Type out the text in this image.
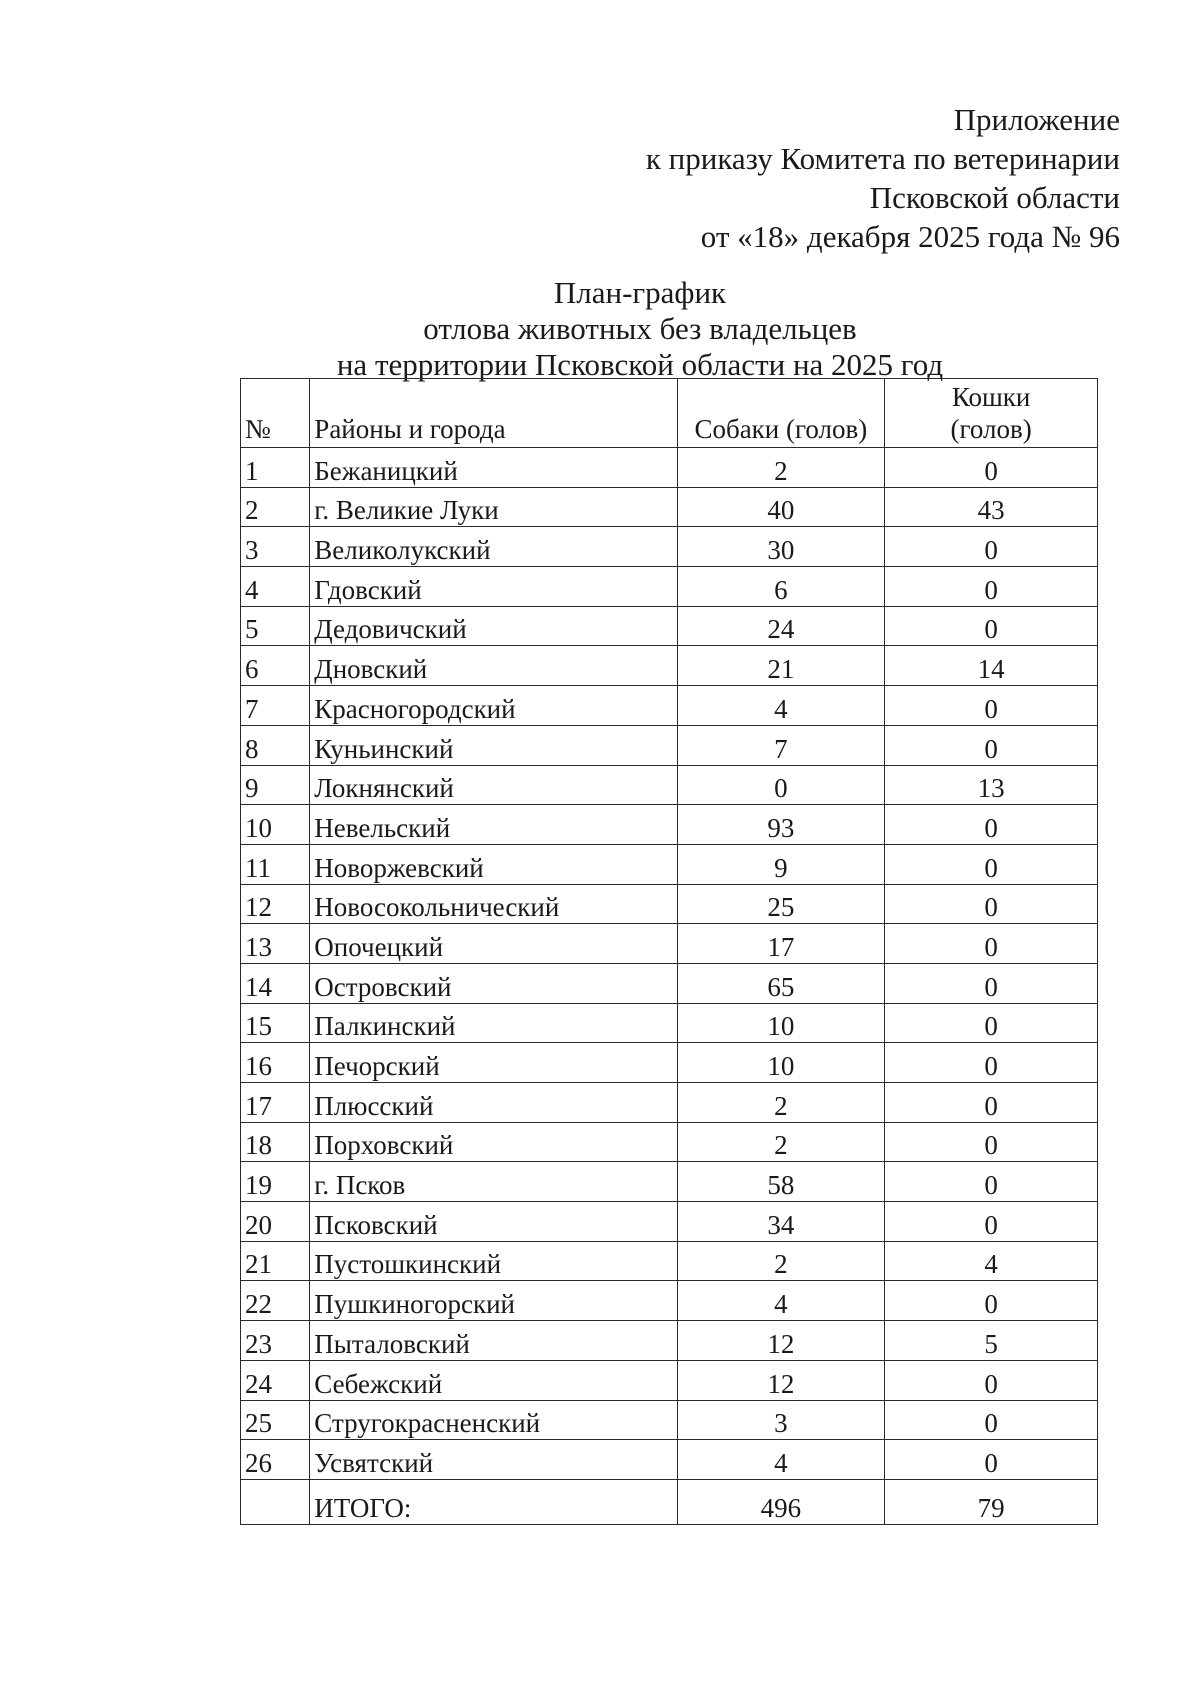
Приложение
к приказу Комитета по ветеринарии
Псковской области
от «18» декабря 2025 года № 96
План-график
отлова животных без владельцев
на территории Псковской области на 2025 год
№	Районы и города	Собаки (голов)	Кошки
(голов)
1	Бежаницкий	2	0
2	г. Великие Луки	40	43
3	Великолукский	30	0
4	Гдовский	6	0
5	Дедовичский	24	0
6	Дновский	21	14
7	Красногородский	4	0
8	Куньинский	7	0
9	Локнянский	0	13
10	Невельский	93	0
11	Новоржевский	9	0
12	Новосокольнический	25	0
13	Опочецкий	17	0
14	Островский	65	0
15	Палкинский	10	0
16	Печорский	10	0
17	Плюсский	2	0
18	Порховский	2	0
19	г. Псков	58	0
20	Псковский	34	0
21	Пустошкинский	2	4
22	Пушкиногорский	4	0
23	Пыталовский	12	5
24	Себежский	12	0
25	Стругокрасненский	3	0
26	Усвятский	4	0
	ИТОГО:	496	79
